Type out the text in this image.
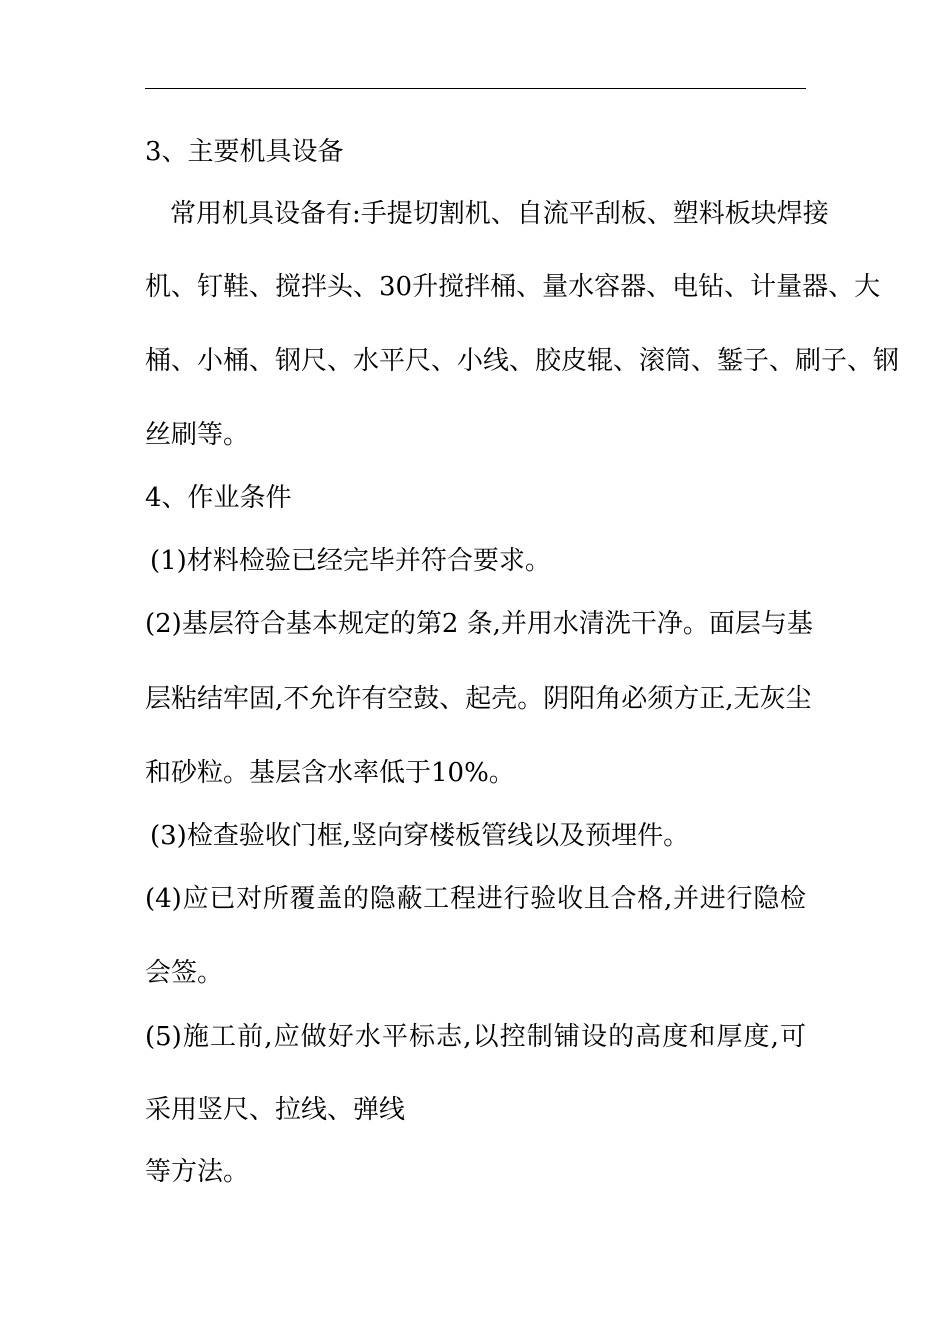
3、主要机具设备
常用机具设备有:手提切割机、自流平刮板、塑料板块焊接
机、钉鞋、搅拌头、30升搅拌桶、量水容器、电钻、计量器、大
桶、小桶、钢尺、水平尺、小线、胶皮辊、滚筒、錾子、刷子、钢
丝刷等。
4、作业条件
(1)材料检验已经完毕并符合要求。
(2)基层符合基本规定的第2 条,并用水清洗干净。面层与基
层粘结牢固,不允许有空鼓、起壳。阴阳角必须方正,无灰尘
和砂粒。基层含水率低于10%。
(3)检查验收门框,竖向穿楼板管线以及预埋件。
(4)应已对所覆盖的隐蔽工程进行验收且合格,并进行隐检
会签。
(5)施工前,应做好水平标志,以控制铺设的高度和厚度,可
采用竖尺、拉线、弹线
等方法。
